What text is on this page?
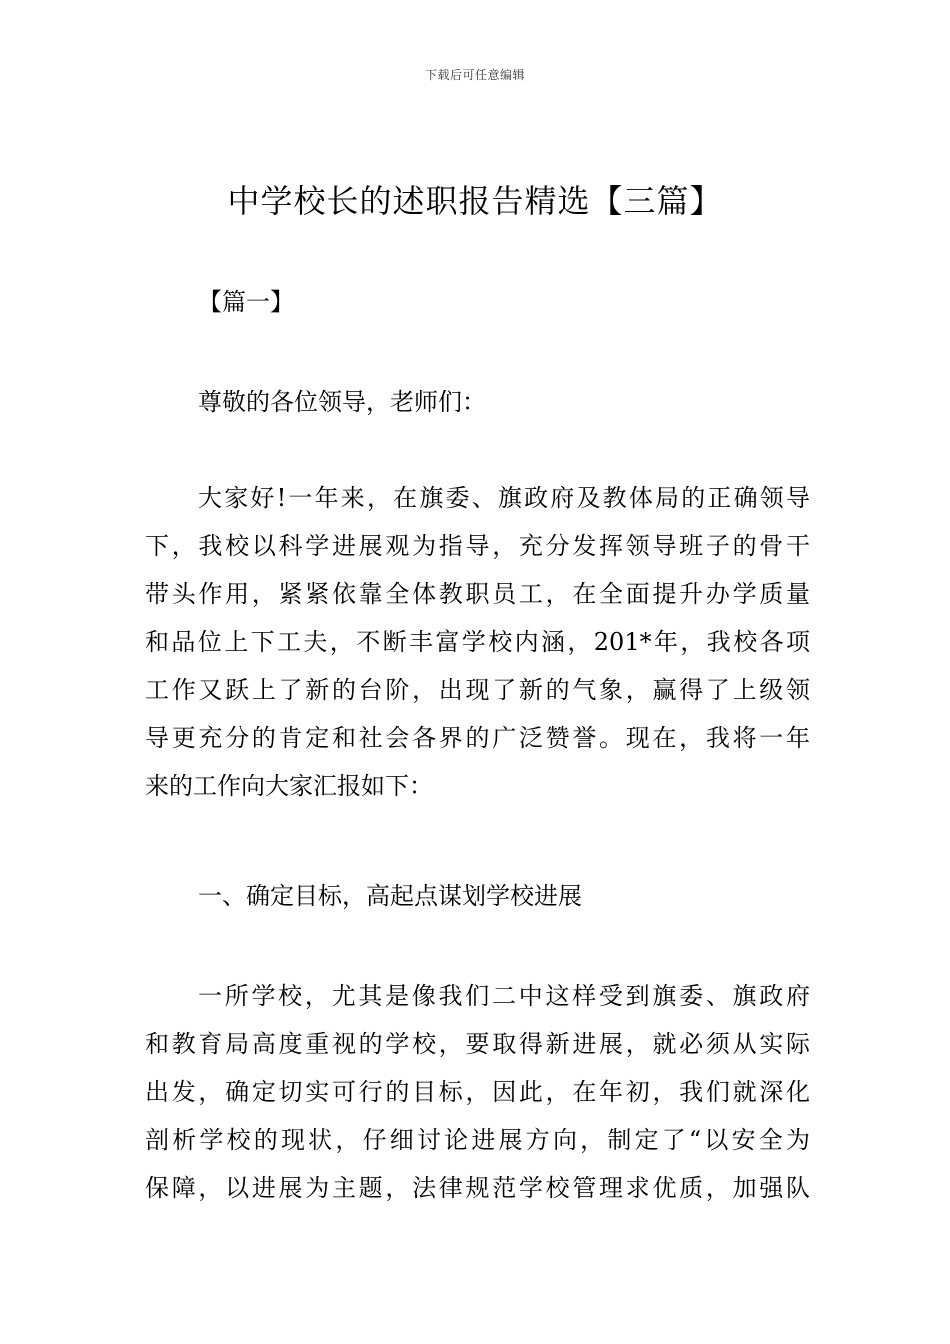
下载后可任意编辑
中学校长的述职报告精选【三篇】
【篇一】
尊敬的各位领导，老师们：
大家好!一年来，在旗委、旗政府及教体局的正确领导
下，我校以科学进展观为指导，充分发挥领导班子的骨干
带头作用，紧紧依靠全体教职员工，在全面提升办学质量
和品位上下工夫，不断丰富学校内涵，201*年，我校各项
工作又跃上了新的台阶，出现了新的气象，赢得了上级领
导更充分的肯定和社会各界的广泛赞誉。现在，我将一年
来的工作向大家汇报如下：
一、确定目标，高起点谋划学校进展
一所学校，尤其是像我们二中这样受到旗委、旗政府
和教育局高度重视的学校，要取得新进展，就必须从实际
出发，确定切实可行的目标，因此，在年初，我们就深化
剖析学校的现状，仔细讨论进展方向，制定了“以安全为
保障，以进展为主题，法律规范学校管理求优质，加强队
